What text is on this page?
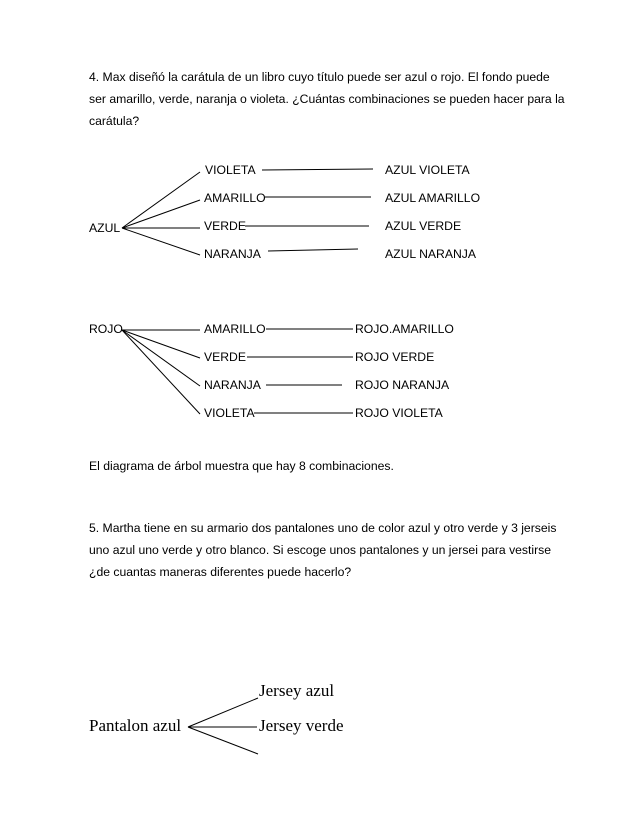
4. Max diseñó la carátula de un libro cuyo título puede ser azul o rojo. El fondo puede ser amarillo, verde, naranja o violeta. ¿Cuántas combinaciones se pueden hacer para la carátula?
AZUL
VIOLETA
AMARILLO
VERDE
NARANJA
AZUL VIOLETA
AZUL AMARILLO
AZUL VERDE
AZUL NARANJA
ROJO	AMARILLO
VERDE
NARANJA
VIOLETA
ROJO.AMARILLO
ROJO VERDE
ROJO NARANJA
ROJO VIOLETA
El diagrama de árbol muestra que hay 8 combinaciones.
5. Martha tiene en su armario dos pantalones uno de color azul y otro verde y 3 jerseis uno azul uno verde y otro blanco. Si escoge unos pantalones y un jersei para vestirse ¿de cuantas maneras diferentes puede hacerlo?
Pantalon azul
Jersey azul
Jersey verde
